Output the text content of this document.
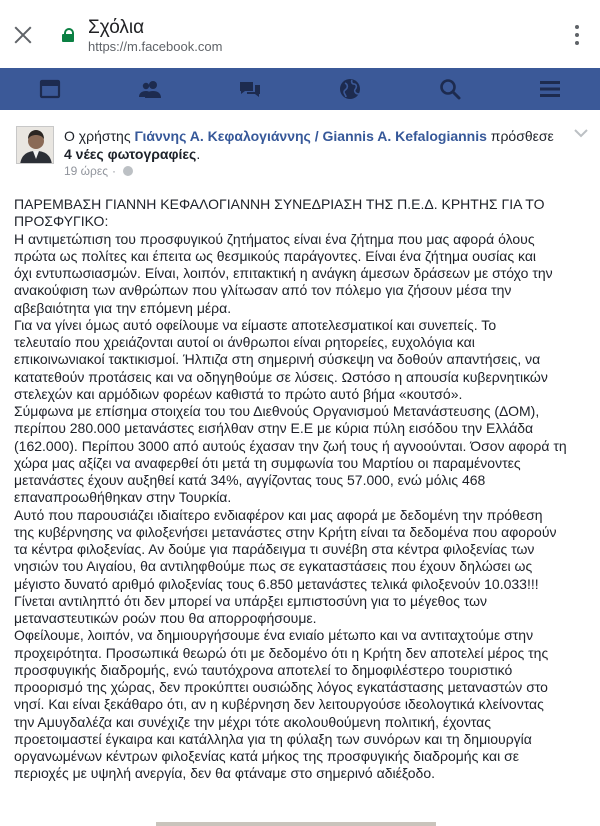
Σχόλια
https://m.facebook.com
Ο χρήστης Γιάννης Α. Κεφαλογιάννης / Giannis A. Kefalogiannis πρόσθεσε 4 νέες φωτογραφίες.
19 ώρες ·

ΠΑΡΕΜΒΑΣΗ ΓΙΑΝΝΗ ΚΕΦΑΛΟΓΙΑΝΝΗ ΣΥΝΕΔΡΙΑΣΗ ΤΗΣ Π.Ε.Δ. ΚΡΗΤΗΣ ΓΙΑ ΤΟ
ΠΡΟΣΦΥΓΙΚΟ:
Η αντιμετώπιση του προσφυγικού ζητήματος είναι ένα ζήτημα που μας αφορά όλους
πρώτα ως πολίτες και έπειτα ως θεσμικούς παράγοντες. Είναι ένα ζήτημα ουσίας και
όχι εντυπωσιασμών. Είναι, λοιπόν, επιτακτική η ανάγκη άμεσων δράσεων με στόχο την
ανακούφιση των ανθρώπων που γλίτωσαν από τον πόλεμο για ζήσουν μέσα την
αβεβαιότητα για την επόμενη μέρα.
Για να γίνει όμως αυτό οφείλουμε να είμαστε αποτελεσματικοί και συνεπείς. Το
τελευταίο που χρειάζονται αυτοί οι άνθρωποι είναι ρητορείες, ευχολόγια και
επικοινωνιακοί τακτικισμοί. Ήλπιζα στη σημερινή σύσκεψη να δοθούν απαντήσεις, να
κατατεθούν προτάσεις και να οδηγηθούμε σε λύσεις. Ωστόσο η απουσία κυβερνητικών
στελεχών και αρμόδιων φορέων καθιστά το πρώτο αυτό βήμα «κουτσό».
Σύμφωνα με επίσημα στοιχεία του του Διεθνούς Οργανισμού Μετανάστευσης (ΔΟΜ),
περίπου 280.000 μετανάστες εισήλθαν στην Ε.Ε με κύρια πύλη εισόδου την Ελλάδα
(162.000). Περίπου 3000 από αυτούς έχασαν την ζωή τους ή αγνοούνται. Όσον αφορά τη
χώρα μας αξίζει να αναφερθεί ότι μετά τη συμφωνία του Μαρτίου οι παραμένοντες
μετανάστες έχουν αυξηθεί κατά 34%, αγγίζοντας τους 57.000, ενώ μόλις 468
επαναπροωθήθηκαν στην Τουρκία.
Αυτό που παρουσιάζει ιδιαίτερο ενδιαφέρον και μας αφορά με δεδομένη την πρόθεση
της κυβέρνησης να φιλοξενήσει μετανάστες στην Κρήτη είναι τα δεδομένα που αφορούν
τα κέντρα φιλοξενίας. Αν δούμε για παράδειγμα τι συνέβη στα κέντρα φιλοξενίας των
νησιών του Αιγαίου, θα αντιληφθούμε πως σε εγκαταστάσεις που έχουν δηλώσει ως
μέγιστο δυνατό αριθμό φιλοξενίας τους 6.850 μετανάστες τελικά φιλοξενούν 10.033!!!
Γίνεται αντιληπτό ότι δεν μπορεί να υπάρξει εμπιστοσύνη για το μέγεθος των
μεταναστευτικών ροών που θα απορροφήσουμε.
Οφείλουμε, λοιπόν, να δημιουργήσουμε ένα ενιαίο μέτωπο και να αντιταχτούμε στην
προχειρότητα. Προσωπικά θεωρώ ότι με δεδομένο ότι η Κρήτη δεν αποτελεί μέρος της
προσφυγικής διαδρομής, ενώ ταυτόχρονα αποτελεί το δημοφιλέστερο τουριστικό
προορισμό της χώρας, δεν προκύπτει ουσιώδης λόγος εγκατάστασης μεταναστών στο
νησί. Και είναι ξεκάθαρο ότι, αν η κυβέρνηση δεν λειτουργούσε ιδεολογτικά κλείνοντας
την Αμυγδαλέζα και συνέχιζε την μέχρι τότε ακολουθούμενη πολιτική, έχοντας
προετοιμαστεί έγκαιρα και κατάλληλα για τη φύλαξη των συνόρων και τη δημιουργία
οργανωμένων κέντρων φιλοξενίας κατά μήκος της προσφυγικής διαδρομής και σε
περιοχές με υψηλή ανεργία, δεν θα φτάναμε στο σημερινό αδιέξοδο.
